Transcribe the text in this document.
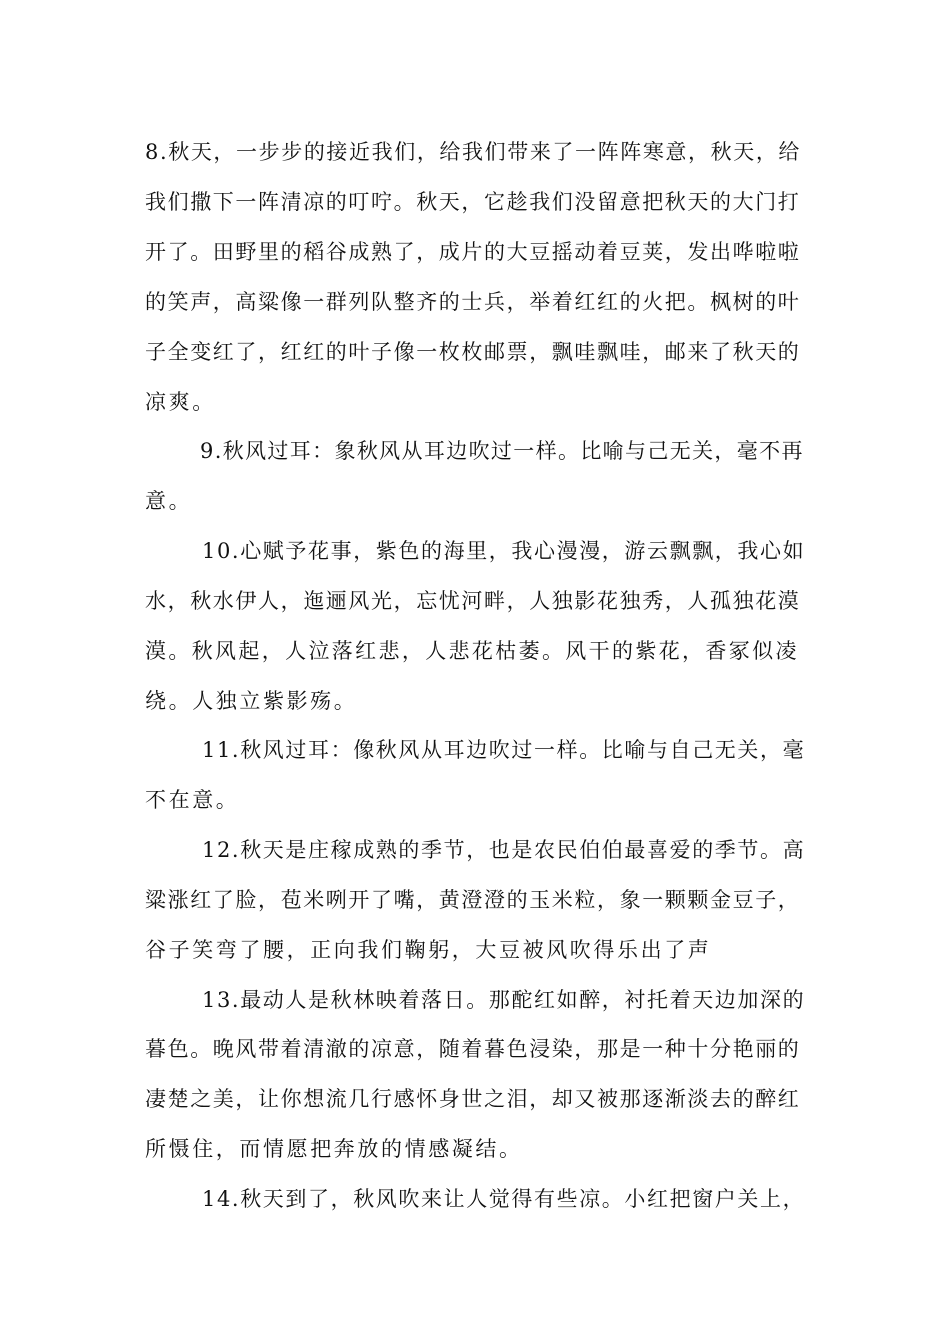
8.秋天，一步步的接近我们，给我们带来了一阵阵寒意，秋天，给
我们撒下一阵清凉的叮咛。秋天，它趁我们没留意把秋天的大门打
开了。田野里的稻谷成熟了，成片的大豆摇动着豆荚，发出哗啦啦
的笑声，高粱像一群列队整齐的士兵，举着红红的火把。枫树的叶
子全变红了，红红的叶子像一枚枚邮票，飘哇飘哇，邮来了秋天的
凉爽。
9.秋风过耳：象秋风从耳边吹过一样。比喻与己无关，毫不再
意。
10.心赋予花事，紫色的海里，我心漫漫，游云飘飘，我心如
水，秋水伊人，迤逦风光，忘忧河畔，人独影花独秀，人孤独花漠
漠。秋风起，人泣落红悲，人悲花枯萎。风干的紫花，香冢似凌
绕。人独立紫影殇。
11.秋风过耳：像秋风从耳边吹过一样。比喻与自己无关，毫
不在意。
12.秋天是庄稼成熟的季节，也是农民伯伯最喜爱的季节。高
粱涨红了脸，苞米咧开了嘴，黄澄澄的玉米粒，象一颗颗金豆子，
谷子笑弯了腰，正向我们鞠躬，大豆被风吹得乐出了声
13.最动人是秋林映着落日。那酡红如醉，衬托着天边加深的
暮色。晚风带着清澈的凉意，随着暮色浸染，那是一种十分艳丽的
凄楚之美，让你想流几行感怀身世之泪，却又被那逐渐淡去的醉红
所慑住，而情愿把奔放的情感凝结。
14.秋天到了，秋风吹来让人觉得有些凉。小红把窗户关上，
